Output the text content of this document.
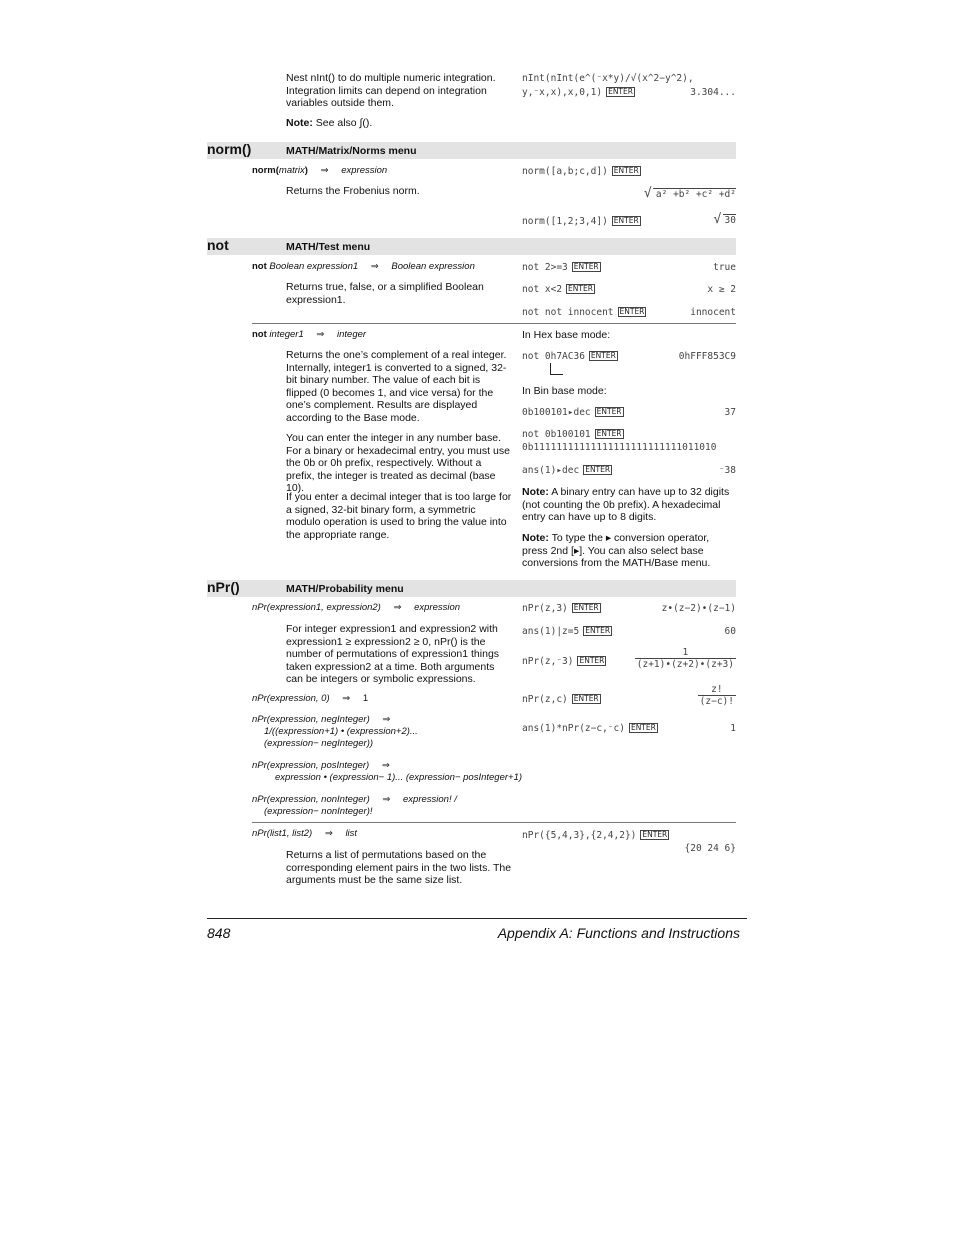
Nest nInt() to do multiple numeric integration. Integration limits can depend on integration variables outside them.
Note: See also ∫().
nInt(nInt(e^(⁻x*y)/√(x^2−y^2),
y,⁻x,x),x,0,1) ENTER	3.304...
norm()	MATH/Matrix/Norms menu
norm(matrix) ⇒ expression
Returns the Frobenius norm.
norm([a,b;c,d]) ENTER
√ a² +b² +c² +d²
norm([1,2;3,4]) ENTER	√ 30
not	MATH/Test menu
not Boolean expression1 ⇒ Boolean expression
Returns true, false, or a simplified Boolean expression1.
not 2>=3 ENTER	true
not x<2 ENTER	x ≥ 2
not not innocent ENTER	innocent
not integer1 ⇒ integer
Returns the one’s complement of a real integer. Internally, integer1 is converted to a signed, 32-bit binary number. The value of each bit is flipped (0 becomes 1, and vice versa) for the one’s complement. Results are displayed according to the Base mode.
You can enter the integer in any number base. For a binary or hexadecimal entry, you must use the 0b or 0h prefix, respectively. Without a prefix, the integer is treated as decimal (base 10).
If you enter a decimal integer that is too large for a signed, 32-bit binary form, a symmetric modulo operation is used to bring the value into the appropriate range.
In Hex base mode:
not 0h7AC36 ENTER	0hFFF853C9
In Bin base mode:
0b100101▸dec ENTER	37
not 0b100101 ENTER
0b11111111111111111111111111011010
ans(1)▸dec ENTER	⁻38
Note: A binary entry can have up to 32 digits (not counting the 0b prefix). A hexadecimal entry can have up to 8 digits.
Note: To type the ▸ conversion operator, press 2nd [▸]. You can also select base conversions from the MATH/Base menu.
nPr()	MATH/Probability menu
nPr(expression1, expression2) ⇒ expression
For integer expression1 and expression2 with expression1 ≥ expression2 ≥ 0, nPr() is the number of permutations of expression1 things taken expression2 at a time. Both arguments can be integers or symbolic expressions.
nPr(expression, 0) ⇒ 1
nPr(expression, negInteger) ⇒
1/((expression+1) • (expression+2)...
(expression− negInteger))
nPr(expression, posInteger) ⇒
expression • (expression− 1)... (expression− posInteger+1)
nPr(expression, nonInteger) ⇒ expression! /
(expression− nonInteger)!
nPr(z,3) ENTER	z•(z−2)•(z−1)
ans(1)|z=5 ENTER	60
nPr(z,⁻3) ENTER	$\frac{1}{(z+1)•(z+2)•(z+3)}$
nPr(z,c) ENTER	$\frac{z!}{(z-c)!}$
ans(1)*nPr(z−c,⁻c) ENTER	1
nPr(list1, list2) ⇒ list
Returns a list of permutations based on the corresponding element pairs in the two lists. The arguments must be the same size list.
nPr({5,4,3},{2,4,2}) ENTER
{20 24 6}
848	Appendix A: Functions and Instructions
